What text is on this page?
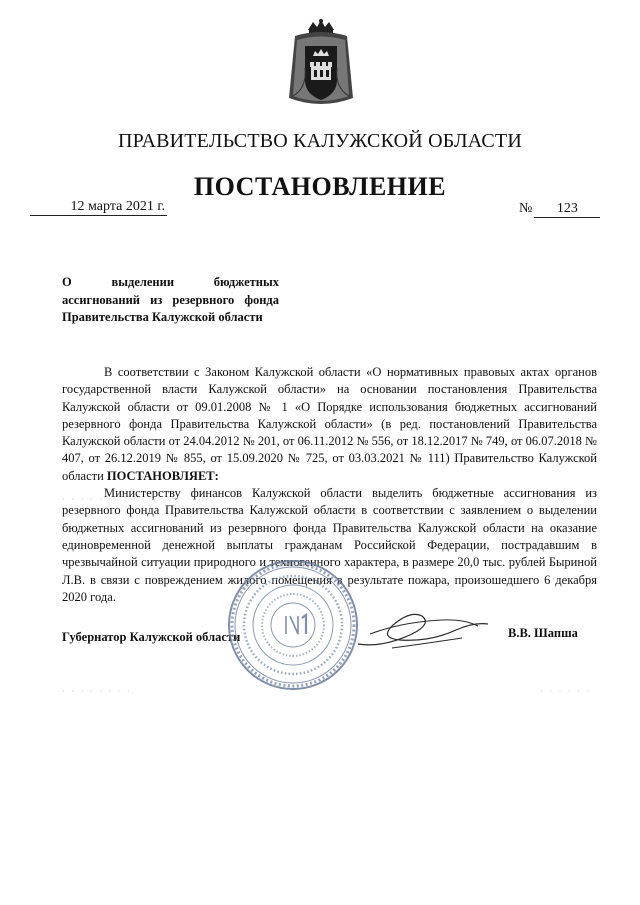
ПРАВИТЕЛЬСТВО КАЛУЖСКОЙ ОБЛАСТИ
ПОСТАНОВЛЕНИЕ
12 марта 2021 г.	№ 123
О выделении бюджетных ассигнований из резервного фонда Правительства Калужской области

В соответствии с Законом Калужской области «О нормативных правовых актах органов государственной власти Калужской области» на основании постановления Правительства Калужской области от 09.01.2008 № 1 «О Порядке использования бюджетных ассигнований резервного фонда Правительства Калужской области» (в ред. постановлений Правительства Калужской области от 24.04.2012 № 201, от 06.11.2012 № 556, от 18.12.2017 № 749, от 06.07.2018 № 407, от 26.12.2019 № 855, от 15.09.2020 № 725, от 03.03.2021 № 111) Правительство Калужской области ПОСТАНОВЛЯЕТ:

Министерству финансов Калужской области выделить бюджетные ассигнования из резервного фонда Правительства Калужской области в соответствии с заявлением о выделении бюджетных ассигнований из резервного фонда Правительства Калужской области на оказание единовременной денежной выплаты гражданам Российской Федерации, пострадавшим в чрезвычайной ситуации природного и техногенного характера, в размере 20,0 тыс. рублей Быриной Л.В. в связи с повреждением жилого помещения в результате пожара, произошедшего 6 декабря 2020 года.

Губернатор Калужской области	В.В. Шапша
· · · · · · · ·	· · · · · ·
· · · · · ·
